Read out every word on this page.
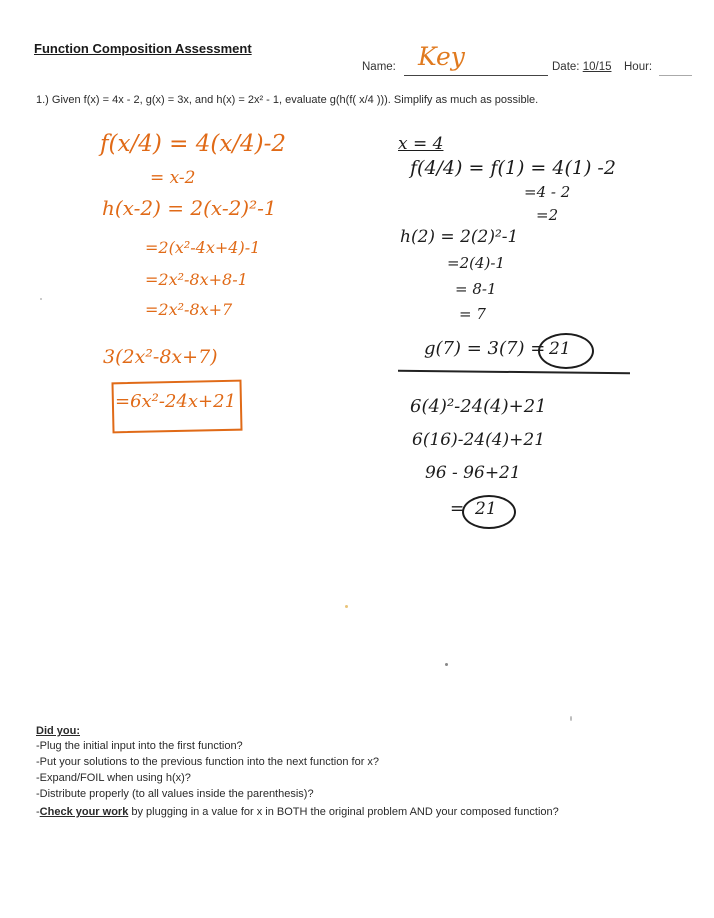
Function Composition Assessment
Name: Key	Date: 10/15 Hour:
1.) Given f(x) = 4x - 2, g(x) = 3x, and h(x) = 2x² - 1, evaluate g(h(f( x/4 ))). Simplify as much as possible.
f(x/4) = 4(x/4)-2
= x-2
h(x-2) = 2(x-2)²-1
=2(x²-4x+4)-1
=2x²-8x+8-1
=2x²-8x+7
3(2x²-8x+7)
=6x²-24x+21
x = 4
f(4/4) = f(1) = 4(1) -2
=4 - 2
=2
h(2) = 2(2)²-1
=2(4)-1
= 8-1
= 7
g(7) = 3(7) = 21
6(4)²-24(4)+21
6(16)-24(4)+21
96 - 96+21
= 21
Did you:
-Plug the initial input into the first function?
-Put your solutions to the previous function into the next function for x?
-Expand/FOIL when using h(x)?
-Distribute properly (to all values inside the parenthesis)?
-Check your work by plugging in a value for x in BOTH the original problem AND your composed function?
